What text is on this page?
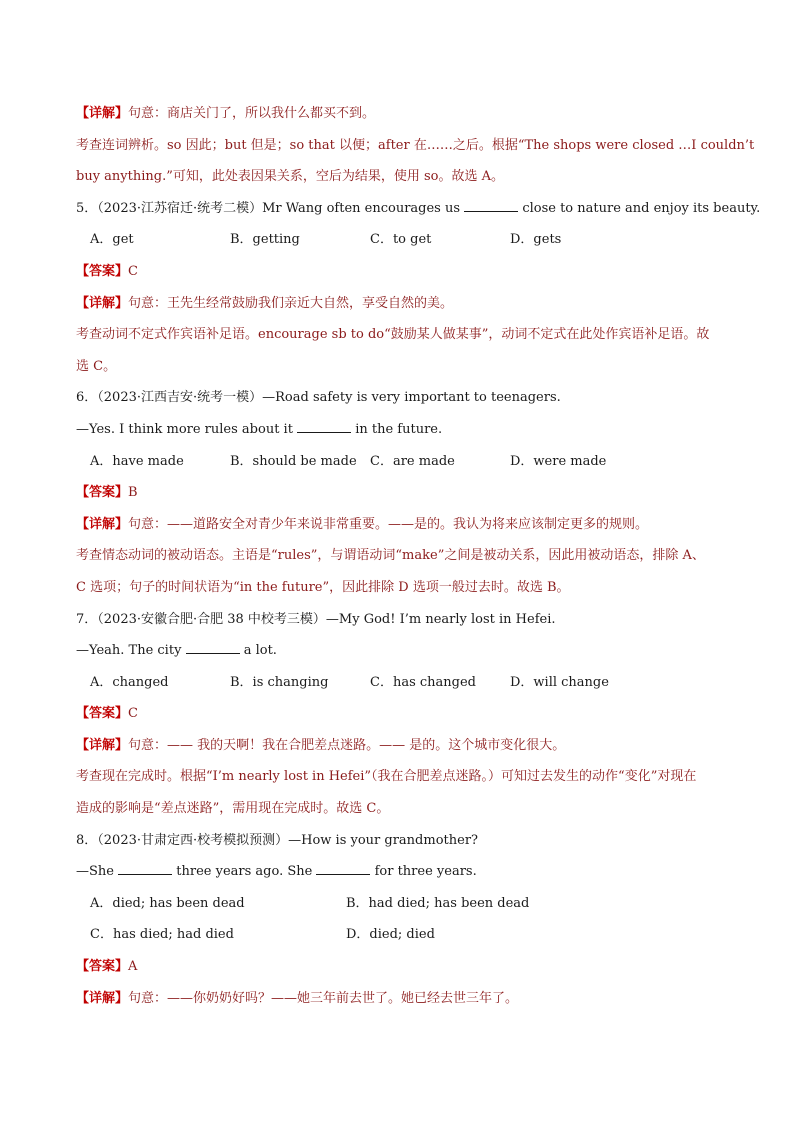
【详解】句意：商店关门了，所以我什么都买不到。
考查连词辨析。so 因此；but 但是；so that 以便；after 在……之后。根据“The shops were closed …I couldn’t
buy anything.”可知，此处表因果关系，空后为结果，使用 so。故选 A。
5．（2023·江苏宿迁·统考二模）Mr Wang often encourages us	close to nature and enjoy its beauty.
A．get	B．getting	C．to get	D．gets
【答案】C
【详解】句意：王先生经常鼓励我们亲近大自然，享受自然的美。
考查动词不定式作宾语补足语。encourage sb to do“鼓励某人做某事”，动词不定式在此处作宾语补足语。故
选 C。
6．（2023·江西吉安·统考一模）—Road safety is very important to teenagers.
—Yes. I think more rules about it	in the future.
A．have made	B．should be made	C．are made	D．were made
【答案】B
【详解】句意：——道路安全对青少年来说非常重要。——是的。我认为将来应该制定更多的规则。
考查情态动词的被动语态。主语是“rules”，与谓语动词“make”之间是被动关系，因此用被动语态，排除 A、
C 选项；句子的时间状语为“in the future”，因此排除 D 选项一般过去时。故选 B。
7．（2023·安徽合肥·合肥 38 中校考三模）—My God! I’m nearly lost in Hefei.
—Yeah. The city	a lot.
A．changed	B．is changing	C．has changed	D．will change
【答案】C
【详解】句意：—— 我的天啊！我在合肥差点迷路。—— 是的。这个城市变化很大。
考查现在完成时。根据“I’m nearly lost in Hefei”（我在合肥差点迷路。）可知过去发生的动作“变化”对现在
造成的影响是“差点迷路”，需用现在完成时。故选 C。
8．（2023·甘肃定西·校考模拟预测）—How is your grandmother?
—She	three years ago. She	for three years.
A．died; has been dead	B．had died; has been dead
C．has died; had died	D．died; died
【答案】A
【详解】句意：——你奶奶好吗？——她三年前去世了。她已经去世三年了。
